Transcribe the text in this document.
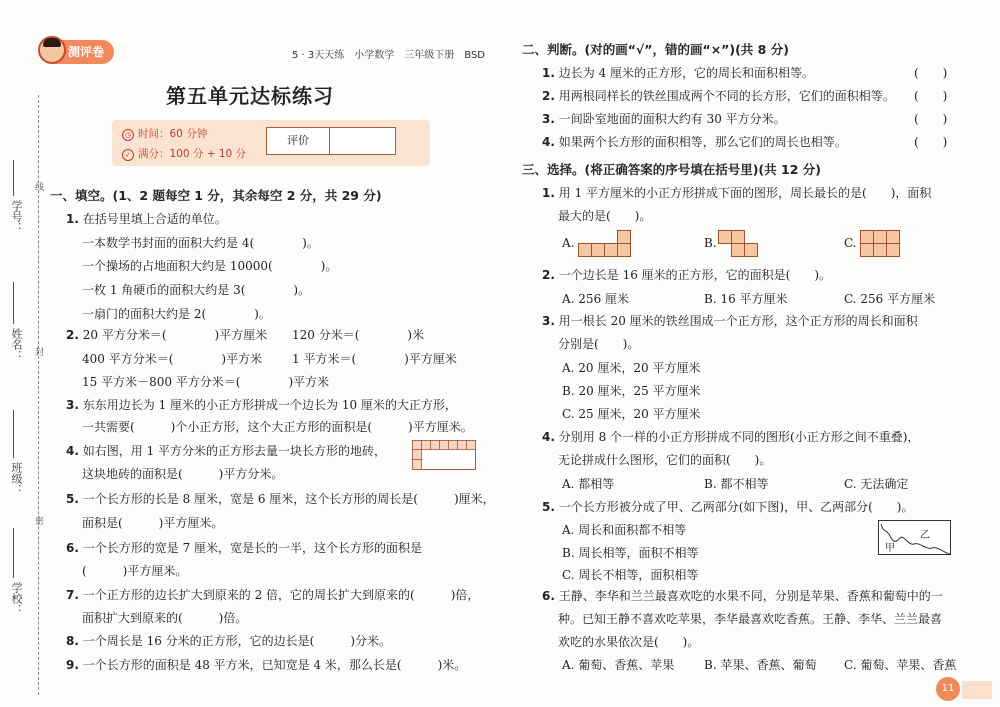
学号：
姓名：
班级：
学校：
线
封
密
测评卷	5 · 3天天练　小学数学　三年级下册　BSD
第五单元达标练习
◷ 时间：60 分钟
✓ 满分：100 分 + 10 分
评价
一、填空。(1、2 题每空 1 分，其余每空 2 分，共 29 分)
1. 在括号里填上合适的单位。
一本数学书封面的面积大约是 4(　　　　)。
一个操场的占地面积大约是 10000(　　　　)。
一枚 1 角硬币的面积大约是 3(　　　　)。
一扇门的面积大约是 2(　　　　)。
2. 20 平方分米＝(　　　　)平方厘米 120 分米＝(　　　　)米
400 平方分米＝(　　　　)平方米 1 平方米＝(　　　　)平方厘米
15 平方米－800 平方分米＝(　　　　)平方米
3. 东东用边长为 1 厘米的小正方形拼成一个边长为 10 厘米的大正方形，
一共需要(　　　)个小正方形，这个大正方形的面积是(　　　)平方厘米。
4. 如右图，用 1 平方分米的正方形去量一块长方形的地砖，
这块地砖的面积是(　　　)平方分米。
5. 一个长方形的长是 8 厘米，宽是 6 厘米，这个长方形的周长是(　　　)厘米，
面积是(　　　)平方厘米。
6. 一个长方形的宽是 7 厘米，宽是长的一半，这个长方形的面积是
(　　　)平方厘米。
7. 一个正方形的边长扩大到原来的 2 倍，它的周长扩大到原来的(　　　)倍，
面积扩大到原来的(　　　)倍。
8. 一个周长是 16 分米的正方形，它的边长是(　　　)分米。
9. 一个长方形的面积是 48 平方米，已知宽是 4 米，那么长是(　　　)米。
二、判断。(对的画“√”，错的画“×”)(共 8 分)
1. 边长为 4 厘米的正方形，它的周长和面积相等。	(　　)
2. 用两根同样长的铁丝围成两个不同的长方形，它们的面积相等。 (　　)
3. 一间卧室地面的面积大约有 30 平方分米。	(　　)
4. 如果两个长方形的面积相等，那么它们的周长也相等。	(　　)
三、选择。(将正确答案的序号填在括号里)(共 12 分)
1. 用 1 平方厘米的小正方形拼成下面的图形，周长最长的是(　　)，面积
最大的是(　　)。
A.	B.	C.
2. 一个边长是 16 厘米的正方形，它的面积是(　　)。
A. 256 厘米	B. 16 平方厘米	C. 256 平方厘米
3. 用一根长 20 厘米的铁丝围成一个正方形，这个正方形的周长和面积
分别是(　　)。
A. 20 厘米，20 平方厘米
B. 20 厘米，25 平方厘米
C. 25 厘米，20 平方厘米
4. 分别用 8 个一样的小正方形拼成不同的图形(小正方形之间不重叠)，
无论拼成什么图形，它们的面积(　　)。
A. 都相等	B. 都不相等	C. 无法确定
5. 一个长方形被分成了甲、乙两部分(如下图)，甲、乙两部分(　　)。
A. 周长和面积都不相等
B. 周长相等，面积不相等
C. 周长不相等，面积相等
甲
乙
6. 王静、李华和兰兰最喜欢吃的水果不同，分别是苹果、香蕉和葡萄中的一
种。已知王静不喜欢吃苹果，李华最喜欢吃香蕉。王静、李华、兰兰最喜
欢吃的水果依次是(　　)。
A. 葡萄、香蕉、苹果 B. 苹果、香蕉、葡萄 C. 葡萄、苹果、香蕉
11
